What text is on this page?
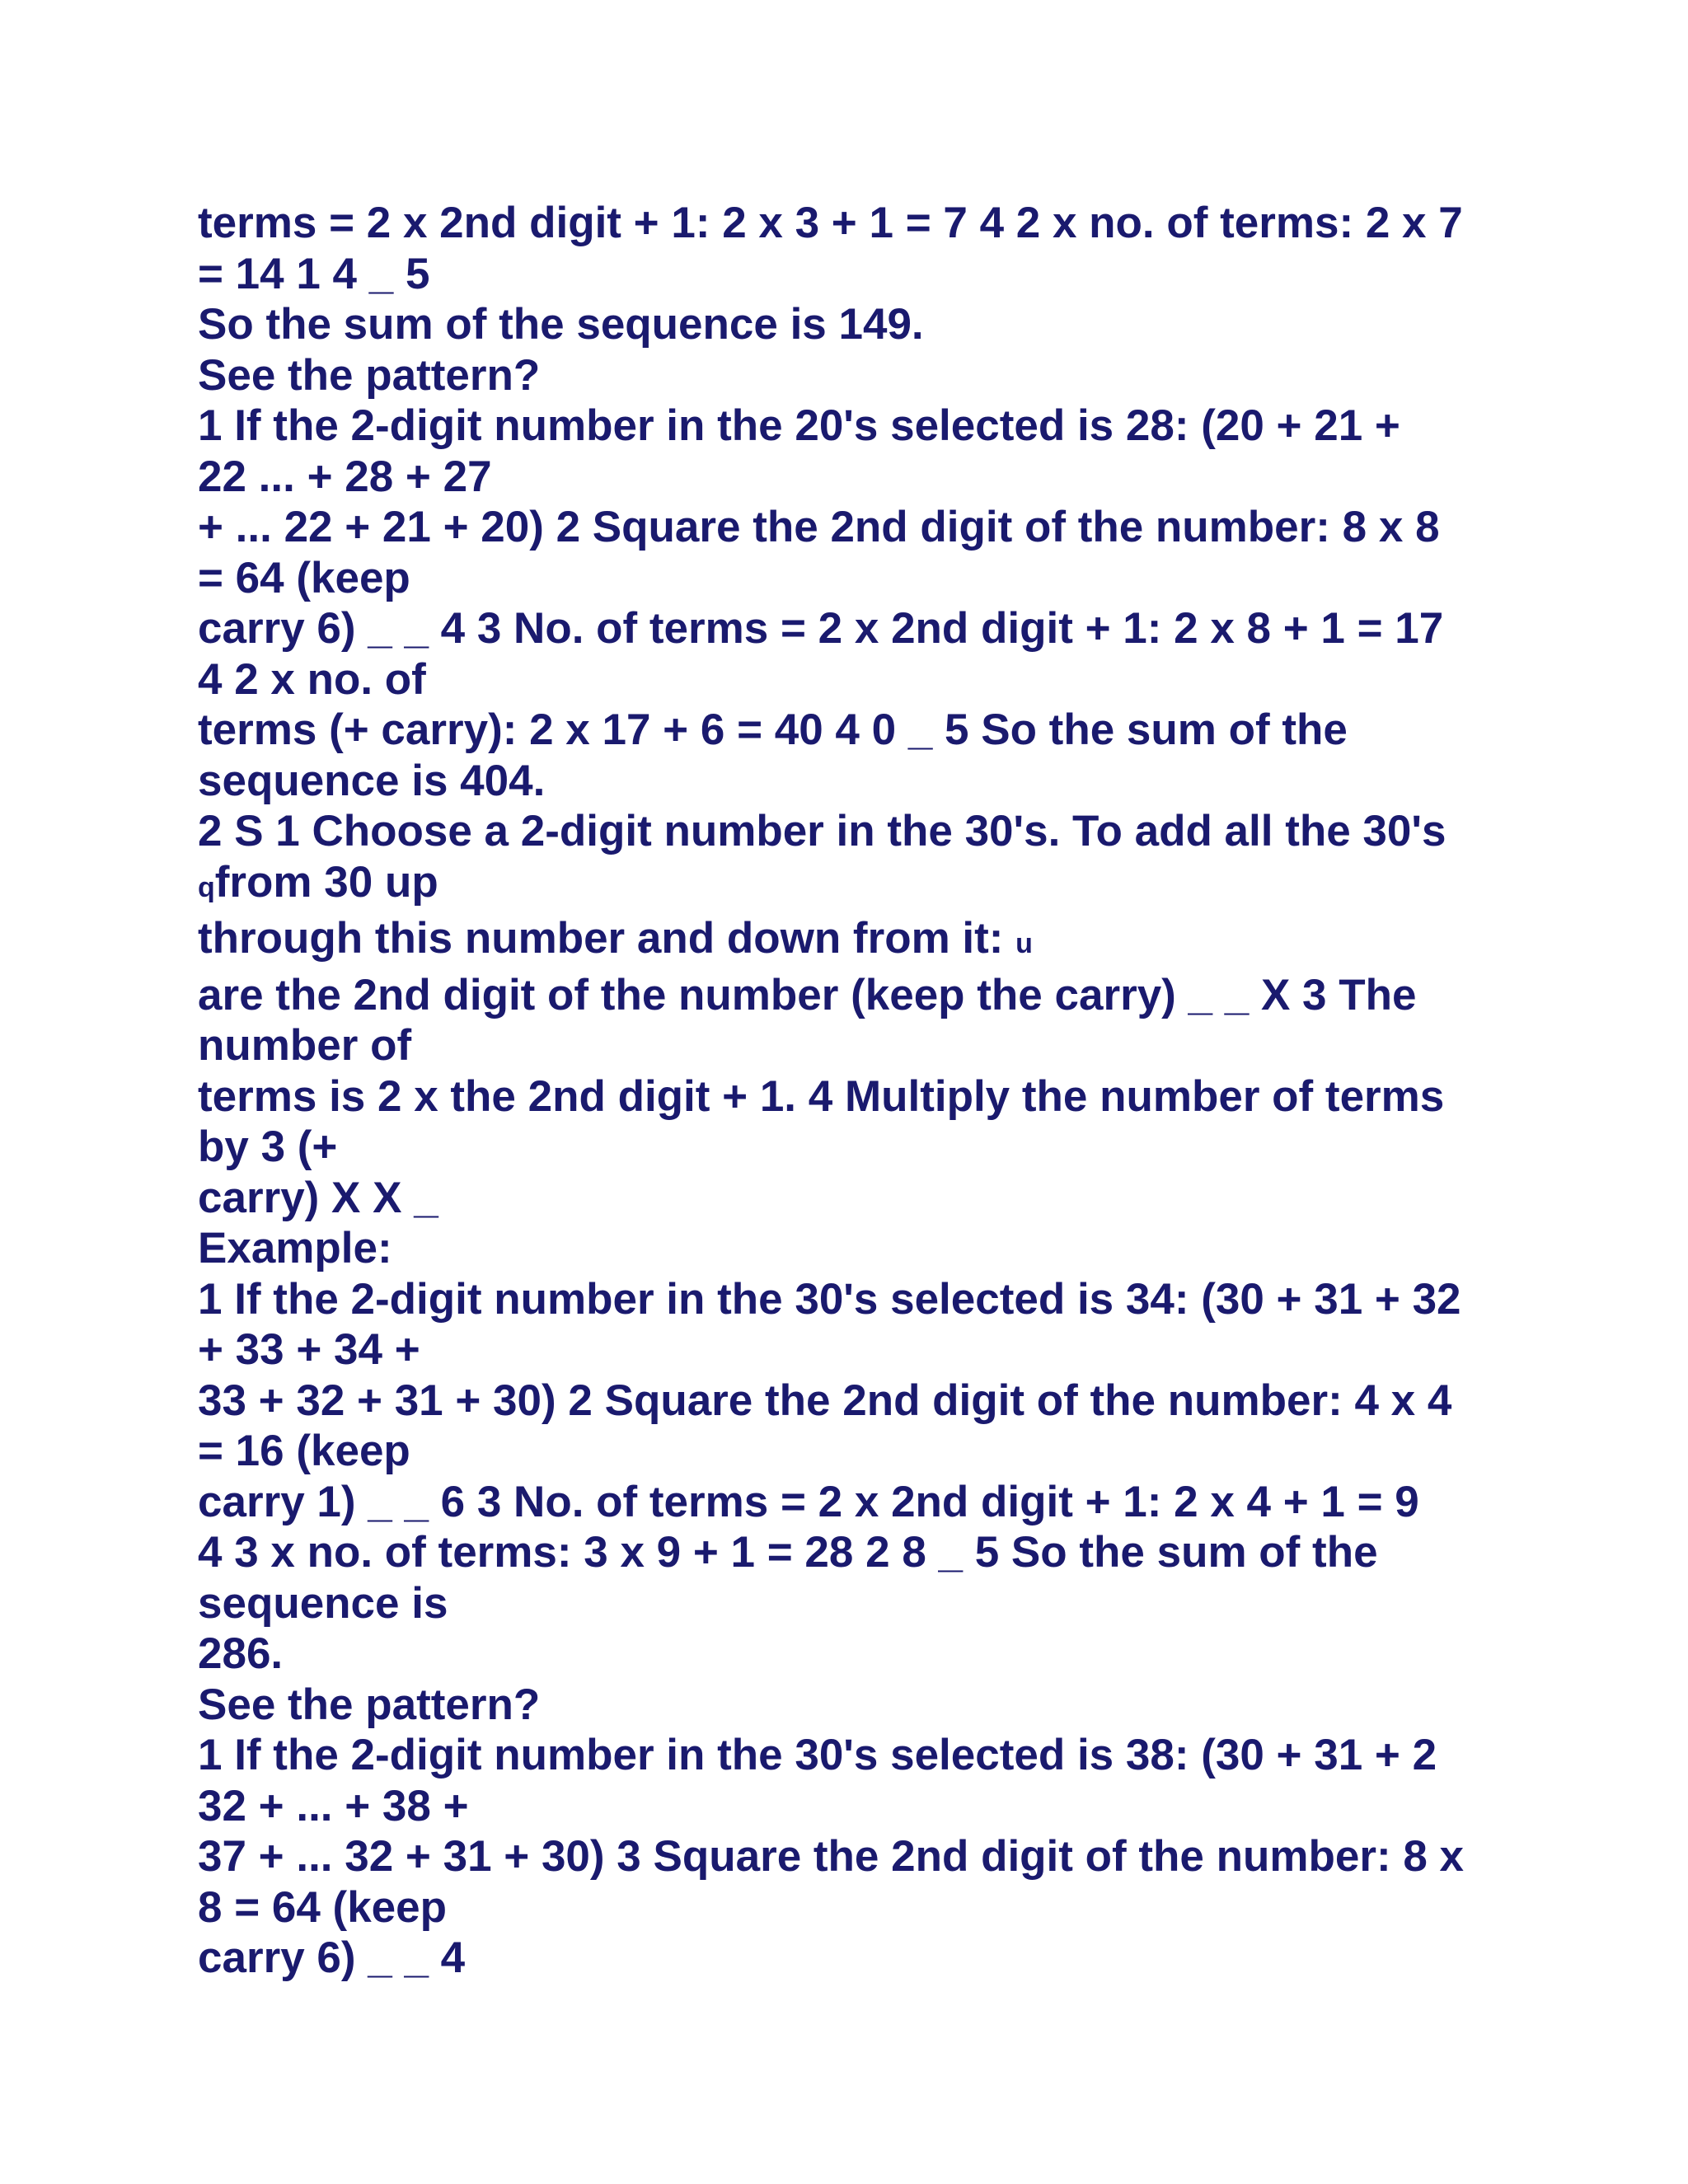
terms = 2 x 2nd digit + 1: 2 x 3 + 1 = 7 4 2 x no. of terms: 2 x 7
= 14 1 4 _ 5
So the sum of the sequence is 149.
See the pattern?
1 If the 2-digit number in the 20's selected is 28: (20 + 21 +
22 ... + 28 + 27
+ ... 22 + 21 + 20) 2 Square the 2nd digit of the number: 8 x 8
= 64 (keep
carry 6) _ _ 4 3 No. of terms = 2 x 2nd digit + 1: 2 x 8 + 1 = 17
4 2 x no. of
terms (+ carry): 2 x 17 + 6 = 40 4 0 _ 5 So the sum of the
sequence is 404.
2 S 1 Choose a 2-digit number in the 30's. To add all the 30's
qfrom 30 up
through this number and down from it: u
are the 2nd digit of the number (keep the carry) _ _ X 3 The
number of
terms is 2 x the 2nd digit + 1. 4 Multiply the number of terms
by 3 (+
carry) X X _
Example:
1 If the 2-digit number in the 30's selected is 34: (30 + 31 + 32
+ 33 + 34 +
33 + 32 + 31 + 30) 2 Square the 2nd digit of the number: 4 x 4
= 16 (keep
carry 1) _ _ 6 3 No. of terms = 2 x 2nd digit + 1: 2 x 4 + 1 = 9
4 3 x no. of terms: 3 x 9 + 1 = 28 2 8 _ 5 So the sum of the
sequence is
286.
See the pattern?
1 If the 2-digit number in the 30's selected is 38: (30 + 31 + 2
32 + ... + 38 +
37 + ... 32 + 31 + 30) 3 Square the 2nd digit of the number: 8 x
8 = 64 (keep
carry 6) _ _ 4
